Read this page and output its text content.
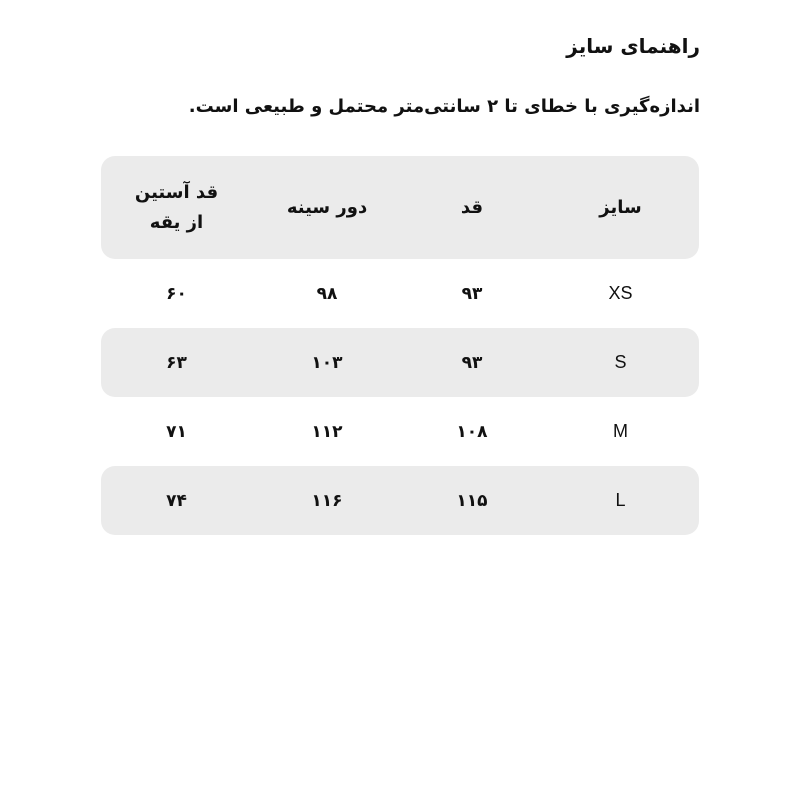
راهنمای سایز
اندازه‌گیری با خطای تا ۲ سانتی‌متر محتمل و طبیعی است.
سایز
قد
دور سینه
قد آستین
از یقه
XS
۹۳
۹۸
۶۰
S
۹۳
۱۰۳
۶۳
M
۱۰۸
۱۱۲
۷۱
L
۱۱۵
۱۱۶
۷۴
